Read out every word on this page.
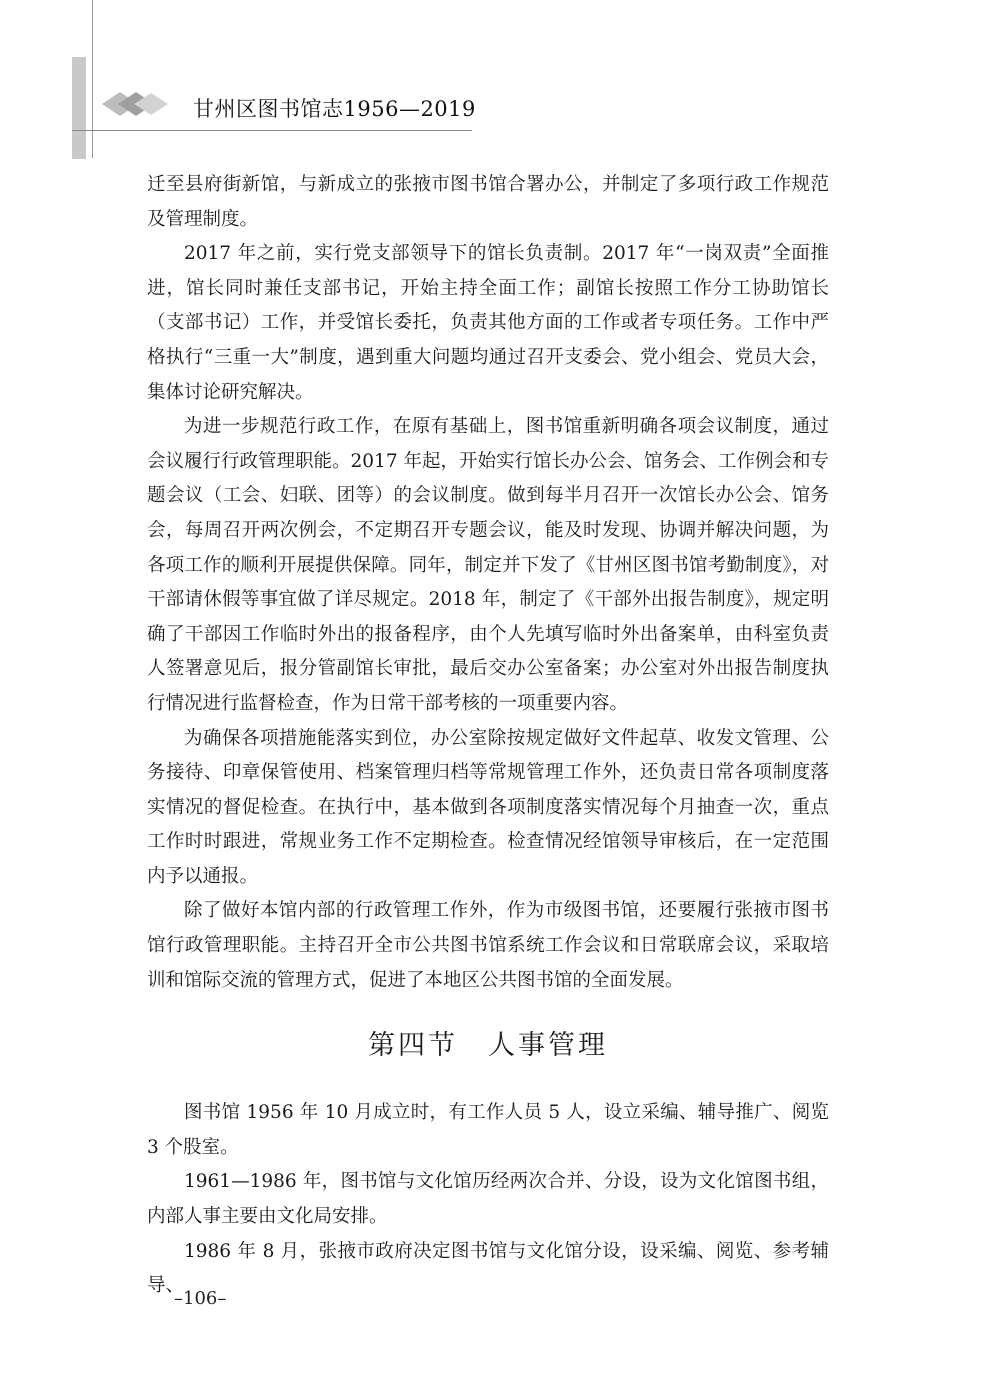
甘州区图书馆志1956—2019

迁至县府街新馆，与新成立的张掖市图书馆合署办公，并制定了多项行政工作规范及管理制度。

2017 年之前，实行党支部领导下的馆长负责制。2017 年“一岗双责”全面推进，馆长同时兼任支部书记，开始主持全面工作；副馆长按照工作分工协助馆长（支部书记）工作，并受馆长委托，负责其他方面的工作或者专项任务。工作中严格执行“三重一大”制度，遇到重大问题均通过召开支委会、党小组会、党员大会，集体讨论研究解决。

为进一步规范行政工作，在原有基础上，图书馆重新明确各项会议制度，通过会议履行行政管理职能。2017 年起，开始实行馆长办公会、馆务会、工作例会和专题会议（工会、妇联、团等）的会议制度。做到每半月召开一次馆长办公会、馆务会，每周召开两次例会，不定期召开专题会议，能及时发现、协调并解决问题，为各项工作的顺利开展提供保障。同年，制定并下发了《甘州区图书馆考勤制度》，对干部请休假等事宜做了详尽规定。2018 年，制定了《干部外出报告制度》，规定明确了干部因工作临时外出的报备程序，由个人先填写临时外出备案单，由科室负责人签署意见后，报分管副馆长审批，最后交办公室备案；办公室对外出报告制度执行情况进行监督检查，作为日常干部考核的一项重要内容。

为确保各项措施能落实到位，办公室除按规定做好文件起草、收发文管理、公务接待、印章保管使用、档案管理归档等常规管理工作外，还负责日常各项制度落实情况的督促检查。在执行中，基本做到各项制度落实情况每个月抽查一次，重点工作时时跟进，常规业务工作不定期检查。检查情况经馆领导审核后，在一定范围内予以通报。

除了做好本馆内部的行政管理工作外，作为市级图书馆，还要履行张掖市图书馆行政管理职能。主持召开全市公共图书馆系统工作会议和日常联席会议，采取培训和馆际交流的管理方式，促进了本地区公共图书馆的全面发展。

第四节　人事管理

图书馆 1956 年 10 月成立时，有工作人员 5 人，设立采编、辅导推广、阅览 3 个股室。

1961—1986 年，图书馆与文化馆历经两次合并、分设，设为文化馆图书组，内部人事主要由文化局安排。

1986 年 8 月，张掖市政府决定图书馆与文化馆分设，设采编、阅览、参考辅导、

–106–
